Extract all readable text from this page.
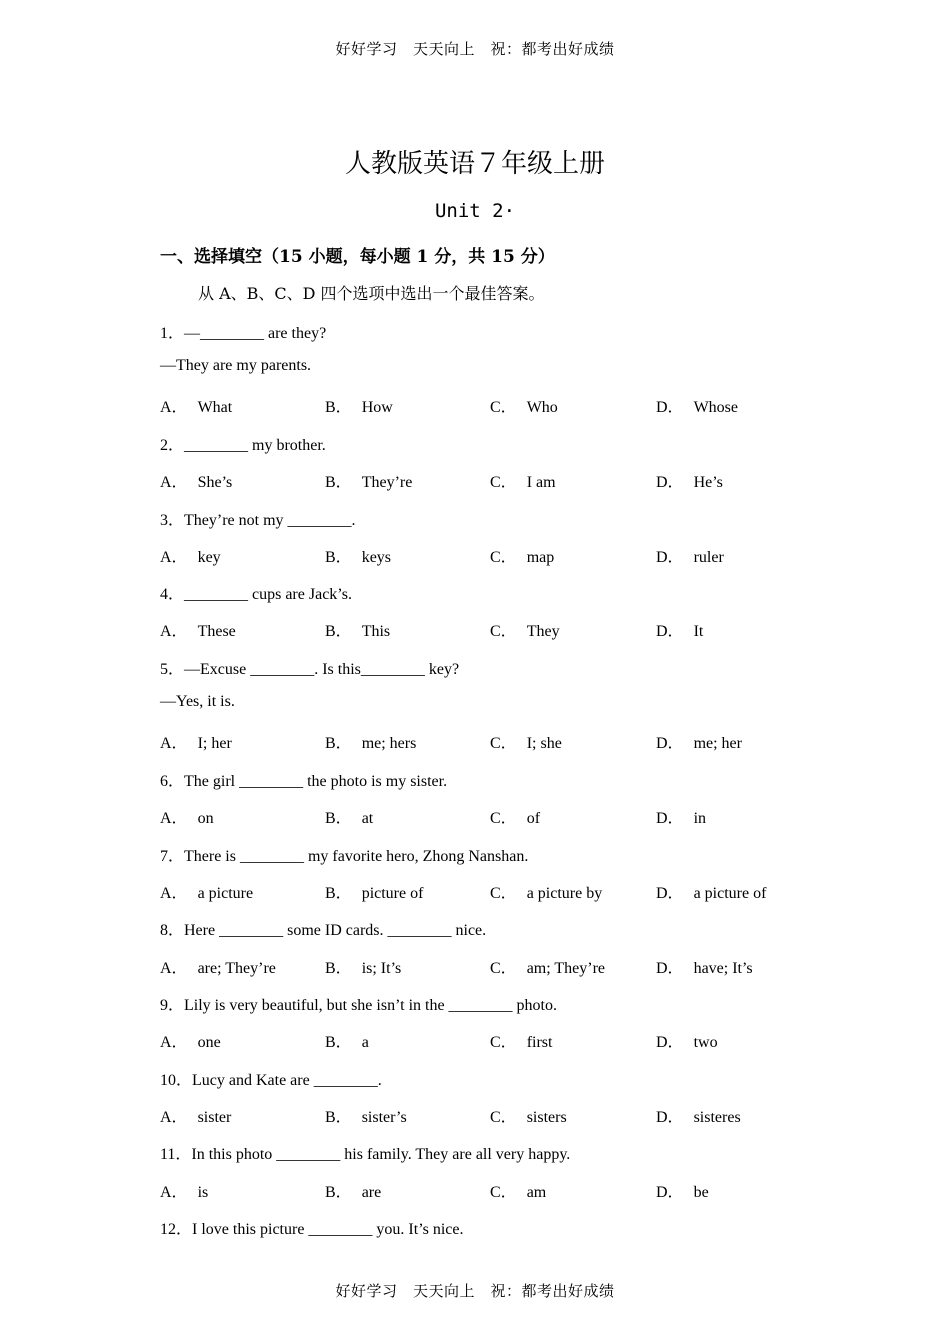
好好学习　天天向上　祝：都考出好成绩
人教版英语７年级上册
Unit 2·
一、选择填空（15 小题，每小题 1 分，共 15 分）
从 A、B、C、D 四个选项中选出一个最佳答案。
1．—________ are they?
—They are my parents.
A． What	B． How	C． Who	D． Whose
2．________ my brother.
A． She’s	B． They’re	C． I am	D． He’s
3．They’re not my ________.
A． key	B． keys	C． map	D． ruler
4．________ cups are Jack’s.
A． These	B． This	C． They	D． It
5．—Excuse ________. Is this________ key?
—Yes, it is.
A． I; her	B． me; hers	C． I; she	D． me; her
6．The girl ________ the photo is my sister.
A． on	B． at	C． of	D． in
7．There is ________ my favorite hero, Zhong Nanshan.
A． a picture	B． picture of	C． a picture by	D． a picture of
8．Here ________ some ID cards. ________ nice.
A． are; They’re	B． is; It’s	C． am; They’re	D． have; It’s
9．Lily is very beautiful, but she isn’t in the ________ photo.
A． one	B． a	C． first	D． two
10．Lucy and Kate are ________.
A． sister	B． sister’s	C． sisters	D． sisteres
11．In this photo ________ his family. They are all very happy.
A． is	B． are	C． am	D． be
12．I love this picture ________ you. It’s nice.
好好学习　天天向上　祝：都考出好成绩
